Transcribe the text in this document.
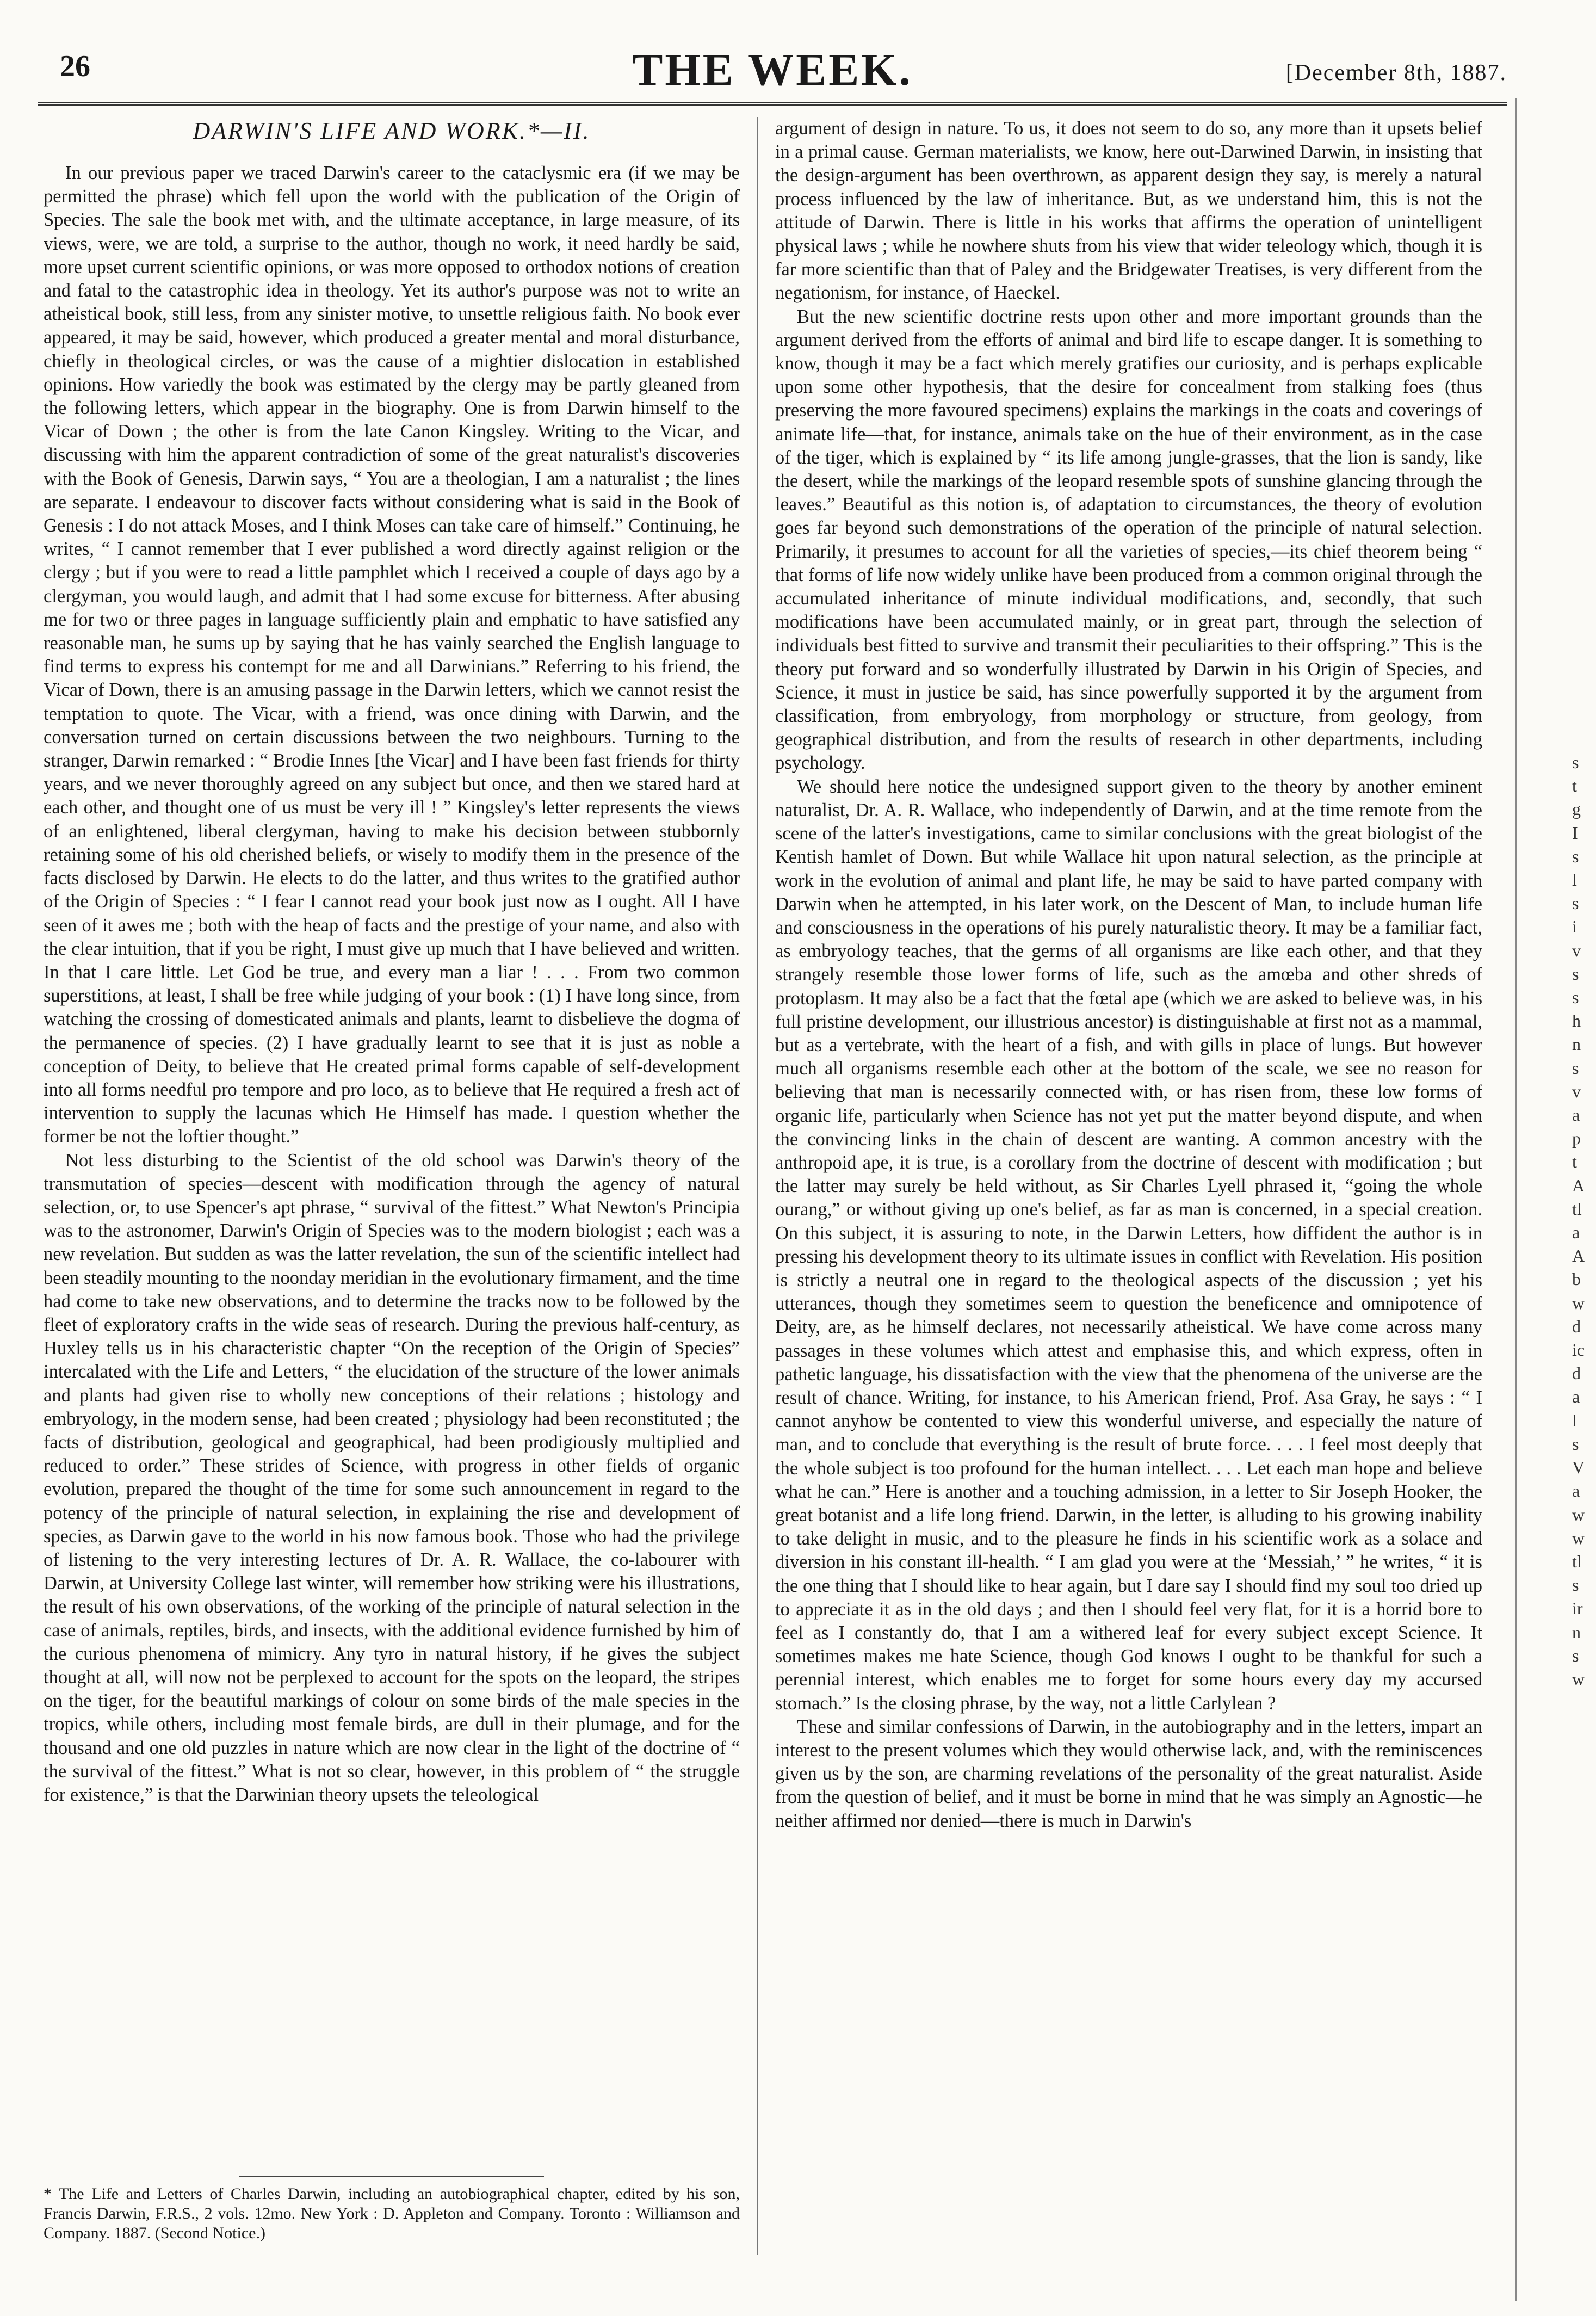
26	THE WEEK.	[December 8th, 1887.
DARWIN'S LIFE AND WORK.*—II.

In our previous paper we traced Darwin's career to the cataclysmic era (if we may be permitted the phrase) which fell upon the world with the publication of the Origin of Species. The sale the book met with, and the ultimate acceptance, in large measure, of its views, were, we are told, a surprise to the author, though no work, it need hardly be said, more upset current scientific opinions, or was more opposed to orthodox notions of creation and fatal to the catastrophic idea in theology. Yet its author's purpose was not to write an atheistical book, still less, from any sinister motive, to unsettle religious faith. No book ever appeared, it may be said, however, which produced a greater mental and moral disturbance, chiefly in theological circles, or was the cause of a mightier dislocation in established opinions. How variedly the book was estimated by the clergy may be partly gleaned from the following letters, which appear in the biography. One is from Darwin himself to the Vicar of Down ; the other is from the late Canon Kingsley. Writing to the Vicar, and discussing with him the apparent contradiction of some of the great naturalist's discoveries with the Book of Genesis, Darwin says, “ You are a theologian, I am a naturalist ; the lines are separate. I endeavour to discover facts without considering what is said in the Book of Genesis : I do not attack Moses, and I think Moses can take care of himself.” Continuing, he writes, “ I cannot remember that I ever published a word directly against religion or the clergy ; but if you were to read a little pamphlet which I received a couple of days ago by a clergyman, you would laugh, and admit that I had some excuse for bitterness. After abusing me for two or three pages in language sufficiently plain and emphatic to have satisfied any reasonable man, he sums up by saying that he has vainly searched the English language to find terms to express his contempt for me and all Darwinians.” Referring to his friend, the Vicar of Down, there is an amusing passage in the Darwin letters, which we cannot resist the temptation to quote. The Vicar, with a friend, was once dining with Darwin, and the conversation turned on certain discussions between the two neighbours. Turning to the stranger, Darwin remarked : “ Brodie Innes [the Vicar] and I have been fast friends for thirty years, and we never thoroughly agreed on any subject but once, and then we stared hard at each other, and thought one of us must be very ill ! ” Kingsley's letter represents the views of an enlightened, liberal clergyman, having to make his decision between stubbornly retaining some of his old cherished beliefs, or wisely to modify them in the presence of the facts disclosed by Darwin. He elects to do the latter, and thus writes to the gratified author of the Origin of Species : “ I fear I cannot read your book just now as I ought. All I have seen of it awes me ; both with the heap of facts and the prestige of your name, and also with the clear intuition, that if you be right, I must give up much that I have believed and written. In that I care little. Let God be true, and every man a liar ! . . . From two common superstitions, at least, I shall be free while judging of your book : (1) I have long since, from watching the crossing of domesticated animals and plants, learnt to disbelieve the dogma of the permanence of species. (2) I have gradually learnt to see that it is just as noble a conception of Deity, to believe that He created primal forms capable of self-development into all forms needful pro tempore and pro loco, as to believe that He required a fresh act of intervention to supply the lacunas which He Himself has made. I question whether the former be not the loftier thought.”

Not less disturbing to the Scientist of the old school was Darwin's theory of the transmutation of species—descent with modification through the agency of natural selection, or, to use Spencer's apt phrase, “ survival of the fittest.” What Newton's Principia was to the astronomer, Darwin's Origin of Species was to the modern biologist ; each was a new revelation. But sudden as was the latter revelation, the sun of the scientific intellect had been steadily mounting to the noonday meridian in the evolutionary firmament, and the time had come to take new observations, and to determine the tracks now to be followed by the fleet of exploratory crafts in the wide seas of research. During the previous half-century, as Huxley tells us in his characteristic chapter “On the reception of the Origin of Species” intercalated with the Life and Letters, “ the elucidation of the structure of the lower animals and plants had given rise to wholly new conceptions of their relations ; histology and embryology, in the modern sense, had been created ; physiology had been reconstituted ; the facts of distribution, geological and geographical, had been prodigiously multiplied and reduced to order.” These strides of Science, with progress in other fields of organic evolution, prepared the thought of the time for some such announcement in regard to the potency of the principle of natural selection, in explaining the rise and development of species, as Darwin gave to the world in his now famous book. Those who had the privilege of listening to the very interesting lectures of Dr. A. R. Wallace, the co-labourer with Darwin, at University College last winter, will remember how striking were his illustrations, the result of his own observations, of the working of the principle of natural selection in the case of animals, reptiles, birds, and insects, with the additional evidence furnished by him of the curious phenomena of mimicry. Any tyro in natural history, if he gives the subject thought at all, will now not be perplexed to account for the spots on the leopard, the stripes on the tiger, for the beautiful markings of colour on some birds of the male species in the tropics, while others, including most female birds, are dull in their plumage, and for the thousand and one old puzzles in nature which are now clear in the light of the doctrine of “ the survival of the fittest.” What is not so clear, however, in this problem of “ the struggle for existence,” is that the Darwinian theory upsets the teleological

argument of design in nature. To us, it does not seem to do so, any more than it upsets belief in a primal cause. German materialists, we know, here out-Darwined Darwin, in insisting that the design-argument has been overthrown, as apparent design they say, is merely a natural process influenced by the law of inheritance. But, as we understand him, this is not the attitude of Darwin. There is little in his works that affirms the operation of unintelligent physical laws ; while he nowhere shuts from his view that wider teleology which, though it is far more scientific than that of Paley and the Bridgewater Treatises, is very different from the negationism, for instance, of Haeckel.

But the new scientific doctrine rests upon other and more important grounds than the argument derived from the efforts of animal and bird life to escape danger. It is something to know, though it may be a fact which merely gratifies our curiosity, and is perhaps explicable upon some other hypothesis, that the desire for concealment from stalking foes (thus preserving the more favoured specimens) explains the markings in the coats and coverings of animate life—that, for instance, animals take on the hue of their environment, as in the case of the tiger, which is explained by “ its life among jungle-grasses, that the lion is sandy, like the desert, while the markings of the leopard resemble spots of sunshine glancing through the leaves.” Beautiful as this notion is, of adaptation to circumstances, the theory of evolution goes far beyond such demonstrations of the operation of the principle of natural selection. Primarily, it presumes to account for all the varieties of species,—its chief theorem being “ that forms of life now widely unlike have been produced from a common original through the accumulated inheritance of minute individual modifications, and, secondly, that such modifications have been accumulated mainly, or in great part, through the selection of individuals best fitted to survive and transmit their peculiarities to their offspring.” This is the theory put forward and so wonderfully illustrated by Darwin in his Origin of Species, and Science, it must in justice be said, has since powerfully supported it by the argument from classification, from embryology, from morphology or structure, from geology, from geographical distribution, and from the results of research in other departments, including psychology.

We should here notice the undesigned support given to the theory by another eminent naturalist, Dr. A. R. Wallace, who independently of Darwin, and at the time remote from the scene of the latter's investigations, came to similar conclusions with the great biologist of the Kentish hamlet of Down. But while Wallace hit upon natural selection, as the principle at work in the evolution of animal and plant life, he may be said to have parted company with Darwin when he attempted, in his later work, on the Descent of Man, to include human life and consciousness in the operations of his purely naturalistic theory. It may be a familiar fact, as embryology teaches, that the germs of all organisms are like each other, and that they strangely resemble those lower forms of life, such as the amœba and other shreds of protoplasm. It may also be a fact that the fœtal ape (which we are asked to believe was, in his full pristine development, our illustrious ancestor) is distinguishable at first not as a mammal, but as a vertebrate, with the heart of a fish, and with gills in place of lungs. But however much all organisms resemble each other at the bottom of the scale, we see no reason for believing that man is necessarily connected with, or has risen from, these low forms of organic life, particularly when Science has not yet put the matter beyond dispute, and when the convincing links in the chain of descent are wanting. A common ancestry with the anthropoid ape, it is true, is a corollary from the doctrine of descent with modification ; but the latter may surely be held without, as Sir Charles Lyell phrased it, “going the whole ourang,” or without giving up one's belief, as far as man is concerned, in a special creation. On this subject, it is assuring to note, in the Darwin Letters, how diffident the author is in pressing his development theory to its ultimate issues in conflict with Revelation. His position is strictly a neutral one in regard to the theological aspects of the discussion ; yet his utterances, though they sometimes seem to question the beneficence and omnipotence of Deity, are, as he himself declares, not necessarily atheistical. We have come across many passages in these volumes which attest and emphasise this, and which express, often in pathetic language, his dissatisfaction with the view that the phenomena of the universe are the result of chance. Writing, for instance, to his American friend, Prof. Asa Gray, he says : “ I cannot anyhow be contented to view this wonderful universe, and especially the nature of man, and to conclude that everything is the result of brute force. . . . I feel most deeply that the whole subject is too profound for the human intellect. . . . Let each man hope and believe what he can.” Here is another and a touching admission, in a letter to Sir Joseph Hooker, the great botanist and a life long friend. Darwin, in the letter, is alluding to his growing inability to take delight in music, and to the pleasure he finds in his scientific work as a solace and diversion in his constant ill-health. “ I am glad you were at the ‘Messiah,’ ” he writes, “ it is the one thing that I should like to hear again, but I dare say I should find my soul too dried up to appreciate it as in the old days ; and then I should feel very flat, for it is a horrid bore to feel as I constantly do, that I am a withered leaf for every subject except Science. It sometimes makes me hate Science, though God knows I ought to be thankful for such a perennial interest, which enables me to forget for some hours every day my accursed stomach.” Is the closing phrase, by the way, not a little Carlylean ?

These and similar confessions of Darwin, in the autobiography and in the letters, impart an interest to the present volumes which they would otherwise lack, and, with the reminiscences given us by the son, are charming revelations of the personality of the great naturalist. Aside from the question of belief, and it must be borne in mind that he was simply an Agnostic—he neither affirmed nor denied—there is much in Darwin's

* The Life and Letters of Charles Darwin, including an autobiographical chapter, edited by his son, Francis Darwin, F.R.S., 2 vols. 12mo. New York : D. Appleton and Company. Toronto : Williamson and Company. 1887. (Second Notice.)
s
t
g
I
s
l
s
i
v
s
s
h
n
s
v
a
p
t
A
tl
a
A
b
w
d
ic
d
a
l
s
V
a
w
w
tl
s
ir
n
s
w
